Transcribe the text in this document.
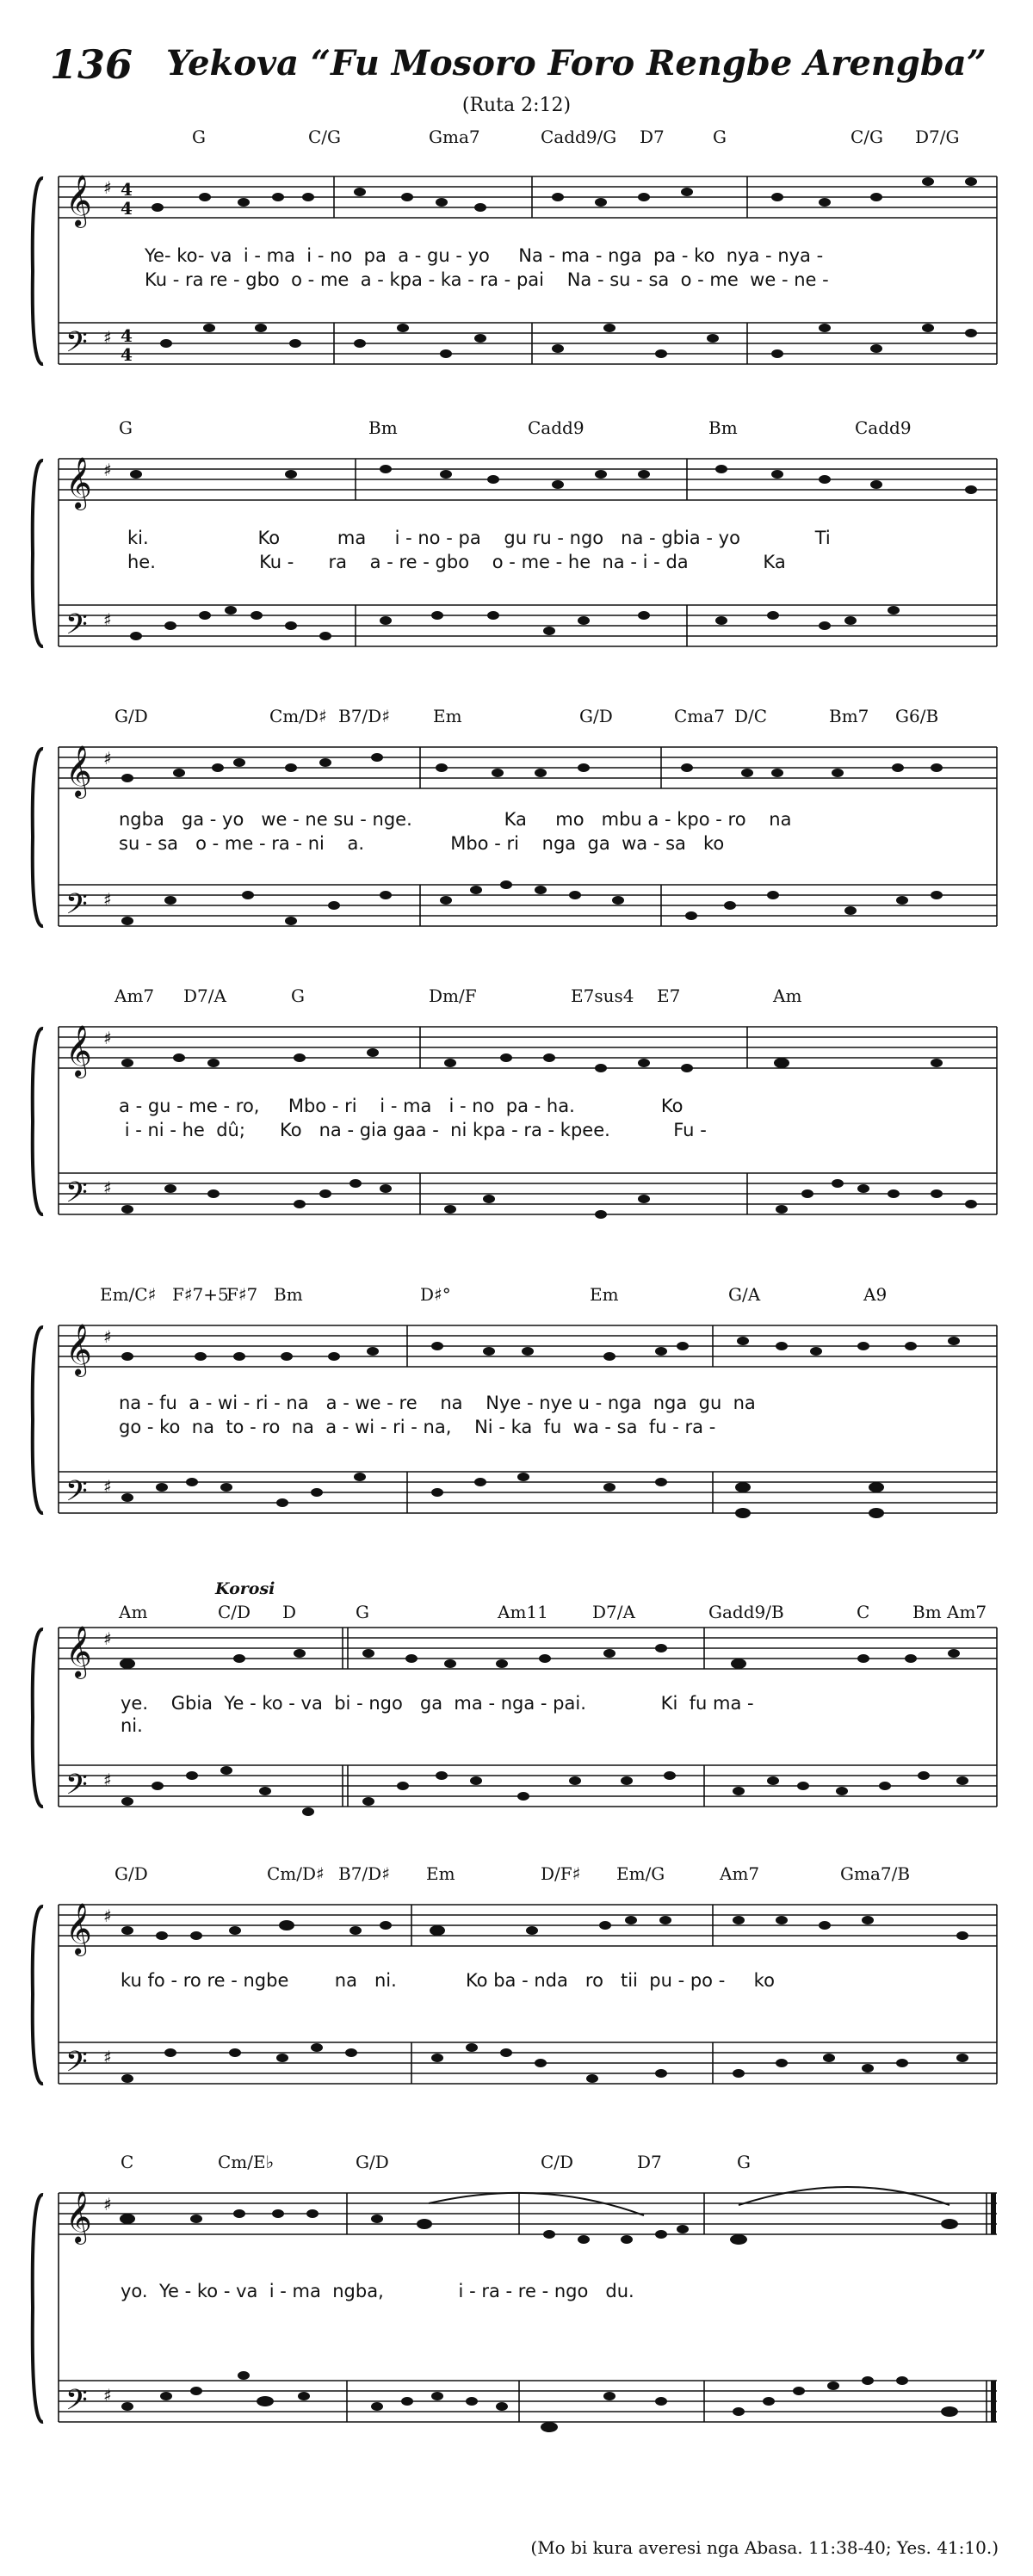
136 Yekova “Fu Mosoro Foro Rengbe Arengba”
(Ruta 2:12)
𝄞
𝄢
♯
♯
4
4
4
4
G	C/G	Gma7	Cadd9/G D7	G	C/G D7/G
Ye- ko- va i - ma i - no pa a - gu - yo Na - ma - nga pa - ko nya - nya -
Ku - ra re - gbo o - me a - kpa - ka - ra - pai Na - su - sa o - me we - ne -
𝄞
𝄢
♯
♯
G	Bm	Cadd9	Bm	Cadd9
ki.	Ko	ma i - no - pa gu ru - ngo na - gbia - yo	Ti
he.	Ku - ra a - re - gbo o - me - he na - i - da	Ka
𝄞
𝄢
♯
♯
G/D	Cm/D♯ B7/D♯	Em	G/D	Cma7 D/C	Bm7 G6/B
ngba ga - yo we - ne su - nge.	Ka mo mbu a - kpo - ro na
su - sa o - me - ra - ni a.	Mbo - ri nga ga wa - sa ko
𝄞
𝄢
♯
♯
Am7 D7/A	G	Dm/F	E7sus4 E7	Am
a - gu - me - ro, Mbo - ri i - ma i - no pa - ha.	Ko
i - ni - he dû; Ko na - gia gaa - ni kpa - ra - kpee.	Fu -
𝄞
𝄢
♯
♯
Em/C♯ F♯7+5
F♯7 Bm	D♯°	Em	G/A	A9
na - fu a - wi - ri - na a - we - re na Nye - nye u - nga nga gu na
go - ko na to - ro na a - wi - ri - na, Ni - ka fu wa - sa fu - ra -
Korosi
𝄞
𝄢
♯
♯
Am	C/D D	G	Am11	D7/A	Gadd9/B	C Bm Am7
ye. Gbia Ye - ko - va bi - ngo ga ma - nga - pai.	Ki fu ma -
ni.
𝄞
𝄢
♯
♯
G/D	Cm/D♯ B7/D♯ Em	D/F♯ Em/G	Am7	Gma7/B
ku fo - ro re - ngbe	na ni.	Ko ba - nda ro tii pu - po - ko
𝄞
𝄢
♯
♯
C	Cm/E♭	G/D	C/D	D7	G
yo. Ye - ko - va i - ma ngba,	i - ra - re - ngo du.
(Mo bi kura averesi nga Abasa. 11:38-40; Yes. 41:10.)
